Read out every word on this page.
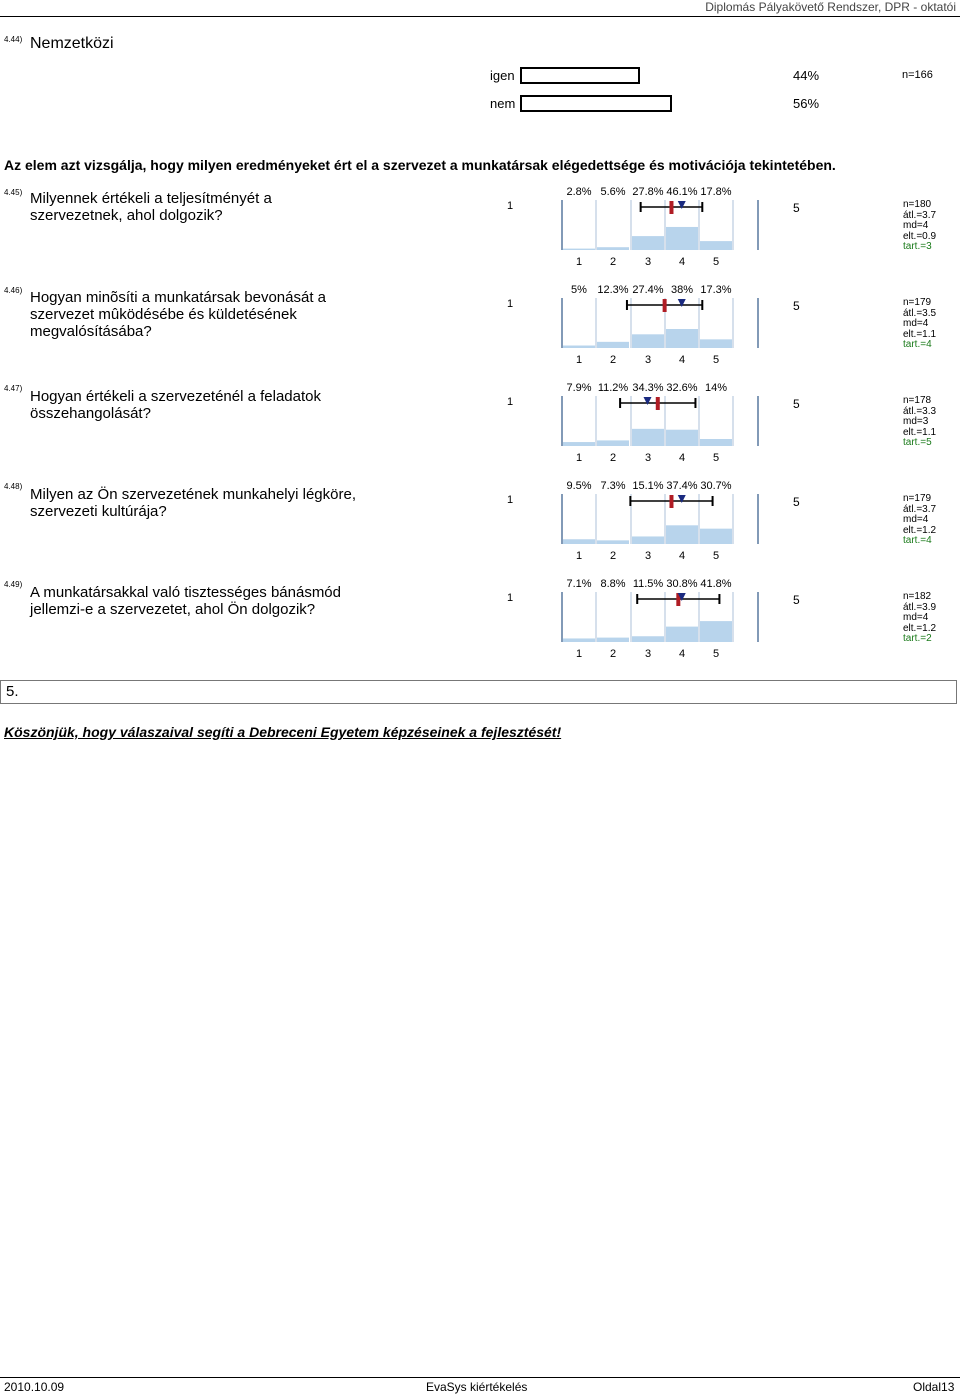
Diplomás Pályakövető Rendszer, DPR - oktatói
4.44) Nemzetközi
igen	44%	n=166
nem	56%
Az elem azt vizsgálja, hogy milyen eredményeket ért el a szervezet a munkatársak elégedettsége és motivációja tekintetében.
4.45) Milyennek értékeli a teljesítményét a
szervezetnek, ahol dolgozik?
2.8% 5.6% 27.8% 46.1% 17.8%
1
1	2	3	4	5
n=180
átl.=3.7
md=4
elt.=0.9
tart.=3
5
4.46) Hogyan minõsíti a munkatársak bevonását a
szervezet mûködésébe és küldetésének
megvalósításába?
5% 12.3% 27.4% 38% 17.3%
1
1	2	3	4	5
n=179
átl.=3.5
md=4
elt.=1.1
tart.=4
5
4.47) Hogyan értékeli a szervezeténél a feladatok
összehangolását?
7.9% 11.2% 34.3% 32.6% 14%
1
1	2	3	4	5
n=178
átl.=3.3
md=3
elt.=1.1
tart.=5
5
4.48) Milyen az Ön szervezetének munkahelyi légköre,
szervezeti kultúrája?
9.5% 7.3% 15.1% 37.4% 30.7%
1
1	2	3	4	5
n=179
átl.=3.7
md=4
elt.=1.2
tart.=4
5
4.49) A munkatársakkal való tisztességes bánásmód
jellemzi-e a szervezetet, ahol Ön dolgozik?
7.1% 8.8% 11.5% 30.8% 41.8%
1
1	2	3	4	5
n=182
átl.=3.9
md=4
elt.=1.2
tart.=2
5
5.
Köszönjük, hogy válaszaival segíti a Debreceni Egyetem képzéseinek a fejlesztését!
2010.10.09	EvaSys kiértékelés	Oldal13
